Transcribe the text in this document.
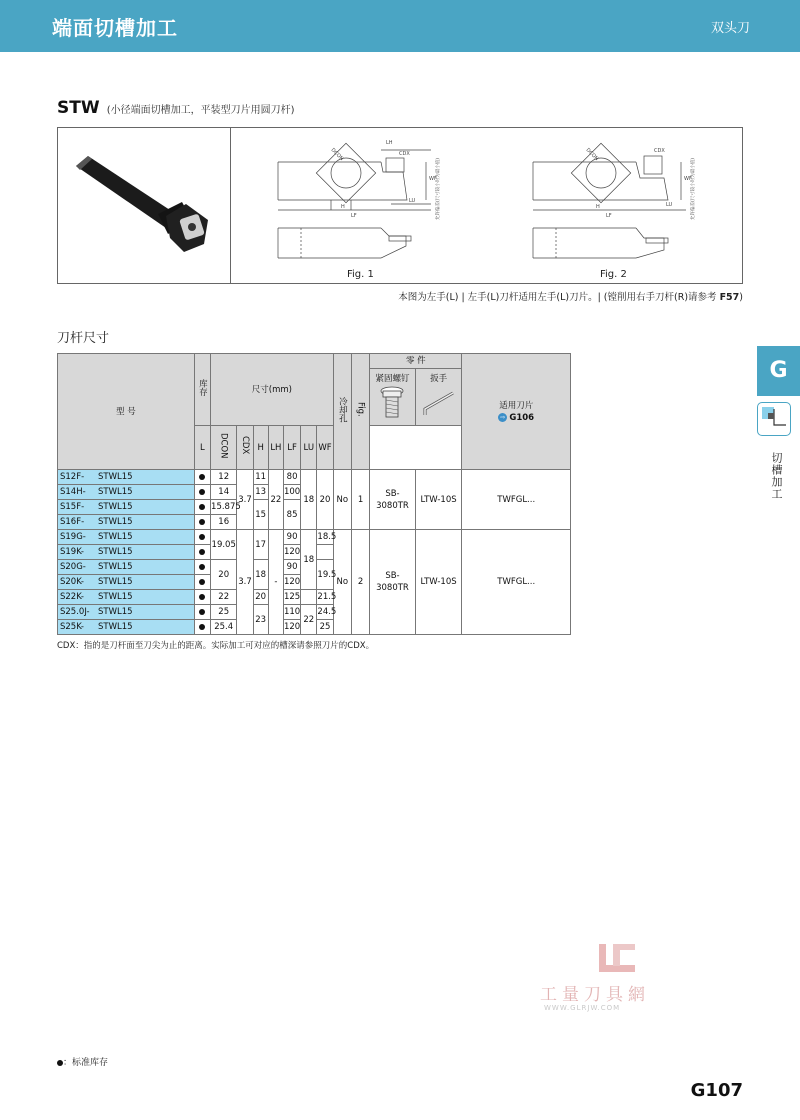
端面切槽加工	双头刀
STW (小径端面切槽加工，平装型刀片用圆刀杆)
LH
CDX
DCON
H
LF
LU
WF 允许偏差(尺寸较小时为最小值)
Fig. 1
CDX
DCON
H
LF
LU
WF 允许偏差(尺寸较小时为最小值)
Fig. 2
本图为左手(L) | 左手(L)刀杆适用左手(L)刀片。| (镗削用右手刀杆(R)请参考 F57)
刀杆尺寸
型 号	库存	尺寸(mm)							冷却孔	Fig.	零 件		适用刀片
⇨ G106

											紧固螺钉	扳手	

	L	DCON	CDX	H	LH	LF	LU	WF					
S12F- STWL15		12	3.7	11	22	80	18	20	No	1	SB-3080TR	LTW-10S	TWFGL...
S14H- STWL15		14		13		100							
S15F- STWL15		15.875		15		85							
S16F- STWL15		16											
S19G- STWL15		19.05	3.7	17	-	90	18	18.5	No	2	SB-3080TR	LTW-10S	TWFGL...
S19K- STWL15						120							
S20G- STWL15		20		18		90		19.5					
S20K- STWL15						120							
S22K- STWL15		22		20		125		21.5					
S25.0J- STWL15		25		23		110	22	24.5					
S25K- STWL15		25.4				120		25					
CDX：指的是刀杆面至刀尖为止的距离。实际加工可对应的槽深请参照刀片的CDX。
G
切槽加工
工量刀具網
WWW.GLRJW.COM
：标准库存
G107
